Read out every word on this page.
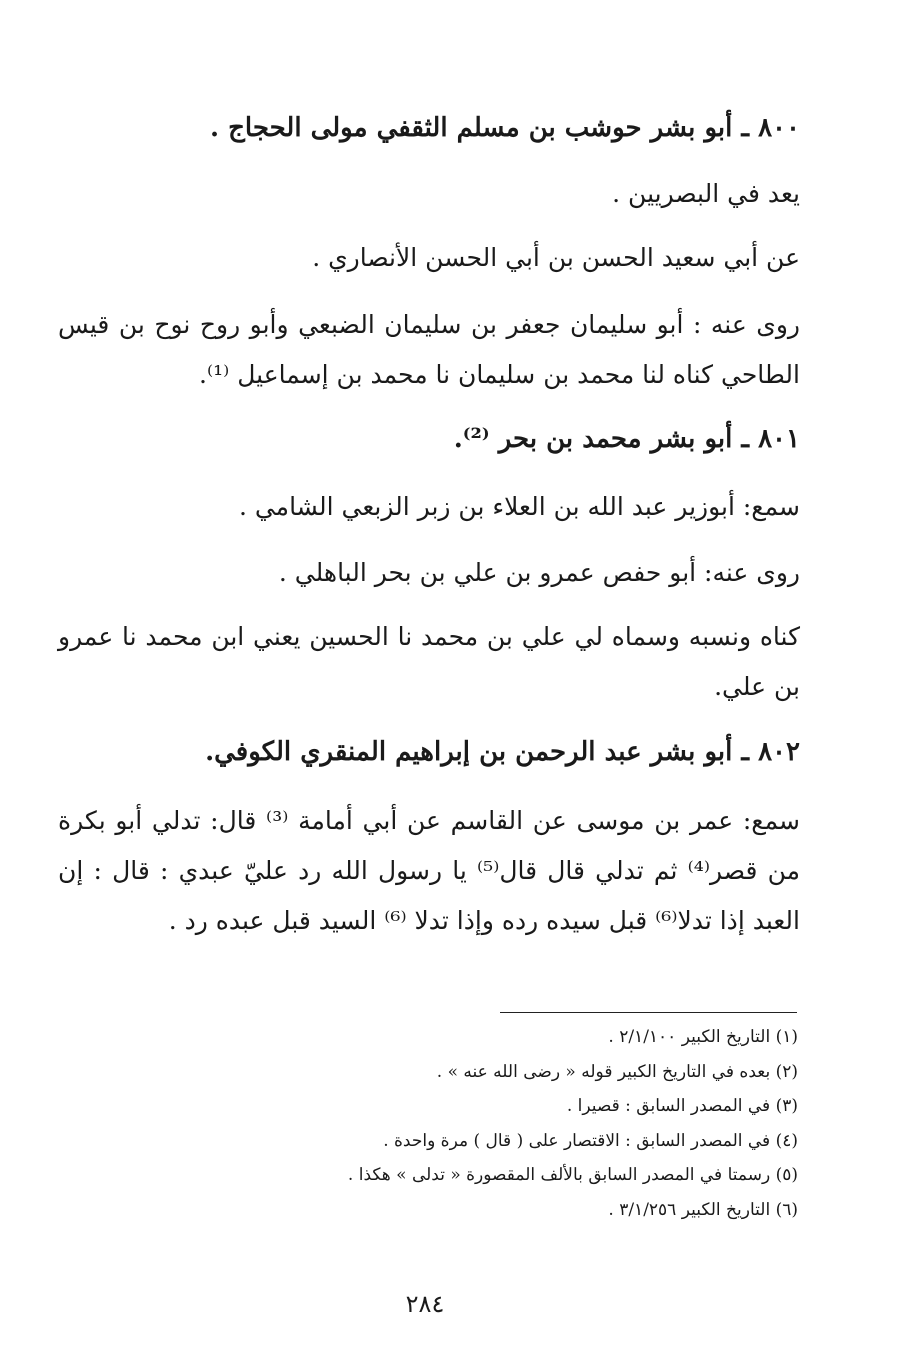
٨٠٠ ـ أبو بشر حوشب بن مسلم الثقفي مولى الحجاج .
يعد في البصريين .
عن أبي سعيد الحسن بن أبي الحسن الأنصاري .
روى عنه : أبو سليمان جعفر بن سليمان الضبعي وأبو روح نوح بن قيس الطاحي كناه لنا محمد بن سليمان نا محمد بن إسماعيل ⁽¹⁾.
٨٠١ ـ أبو بشر محمد بن بحر ⁽²⁾.
سمع: أبوزير عبد الله بن العلاء بن زبر الزبعي الشامي .
روى عنه: أبو حفص عمرو بن علي بن بحر الباهلي .
كناه ونسبه وسماه لي علي بن محمد نا الحسين يعني ابن محمد نا عمرو بن علي.
٨٠٢ ـ أبو بشر عبد الرحمن بن إبراهيم المنقري الكوفي.
سمع: عمر بن موسى عن القاسم عن أبي أمامة ⁽³⁾ قال: تدلي أبو بكرة من قصر⁽⁴⁾ ثم تدلي قال قال⁽⁵⁾ يا رسول الله رد عليّ عبدي : قال : إن العبد إذا تدلا⁽⁶⁾ قبل سيده رده وإذا تدلا ⁽⁶⁾ السيد قبل عبده رد .
(١) التاريخ الكبير ٢/١/١٠٠ .
(٢) بعده في التاريخ الكبير قوله « رضى الله عنه » .
(٣) في المصدر السابق : قصيرا .
(٤) في المصدر السابق : الاقتصار على ( قال ) مرة واحدة .
(٥) رسمتا في المصدر السابق بالألف المقصورة « تدلى » هكذا .
(٦) التاريخ الكبير ٣/١/٢٥٦ .
٢٨٤
